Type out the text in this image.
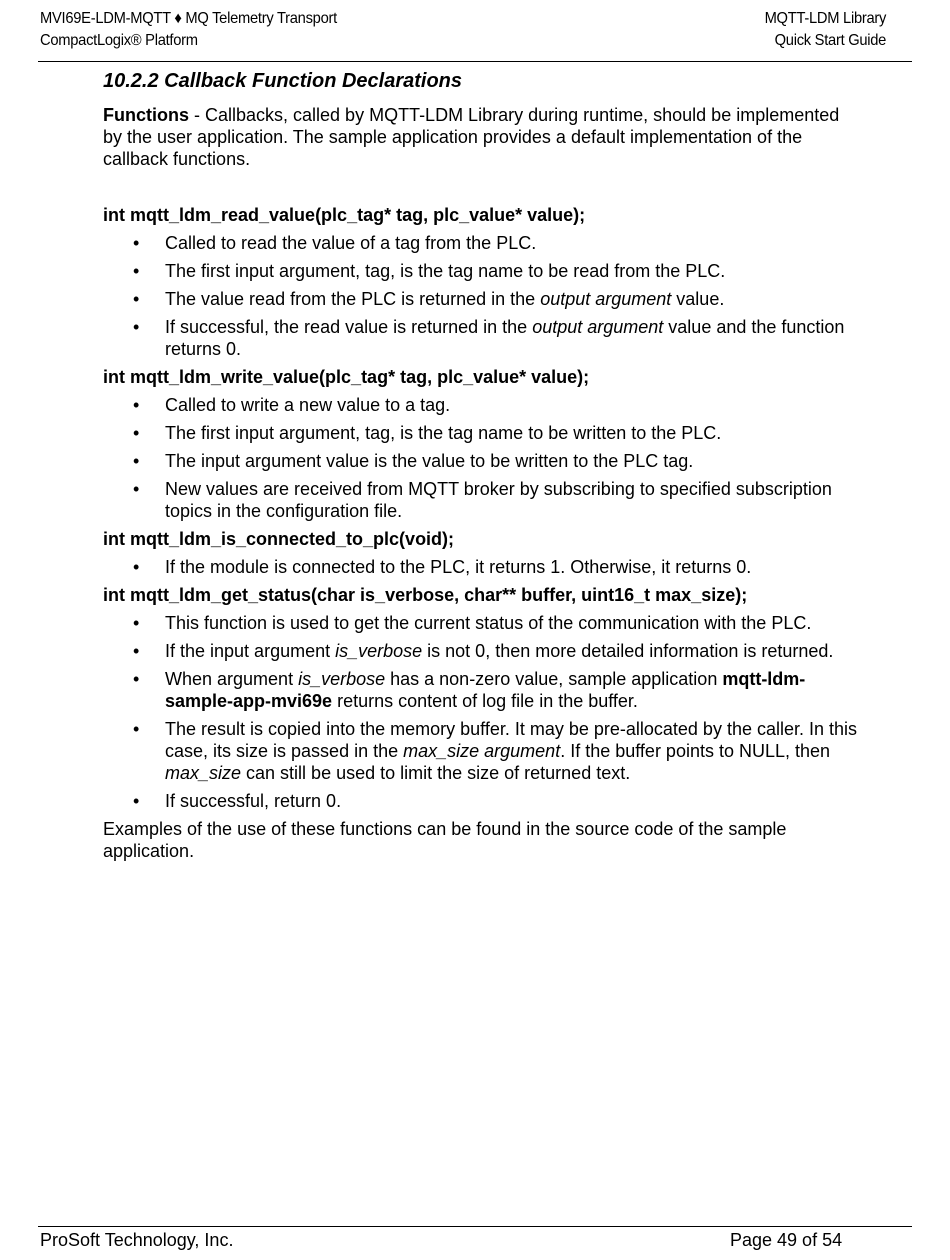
MVI69E-LDM-MQTT ♦ MQ Telemetry Transport
CompactLogix® Platform
MQTT-LDM Library
Quick Start Guide
10.2.2 Callback Function Declarations

Functions - Callbacks, called by MQTT-LDM Library during runtime, should be implemented by the user application. The sample application provides a default implementation of the callback functions.

int mqtt_ldm_read_value(plc_tag* tag, plc_value* value);

• Called to read the value of a tag from the PLC.
• The first input argument, tag, is the tag name to be read from the PLC.
• The value read from the PLC is returned in the output argument value.
• If successful, the read value is returned in the output argument value and the function returns 0.

int mqtt_ldm_write_value(plc_tag* tag, plc_value* value);

• Called to write a new value to a tag.
• The first input argument, tag, is the tag name to be written to the PLC.
• The input argument value is the value to be written to the PLC tag.
• New values are received from MQTT broker by subscribing to specified subscription topics in the configuration file.

int mqtt_ldm_is_connected_to_plc(void);

• If the module is connected to the PLC, it returns 1. Otherwise, it returns 0.

int mqtt_ldm_get_status(char is_verbose, char** buffer, uint16_t max_size);

• This function is used to get the current status of the communication with the PLC.
• If the input argument is_verbose is not 0, then more detailed information is returned.
• When argument is_verbose has a non-zero value, sample application mqtt-ldm-sample-app-mvi69e returns content of log file in the buffer.
• The result is copied into the memory buffer. It may be pre-allocated by the caller. In this case, its size is passed in the max_size argument. If the buffer points to NULL, then max_size can still be used to limit the size of returned text.
• If successful, return 0.

Examples of the use of these functions can be found in the source code of the sample application.

ProSoft Technology, Inc.	Page 49 of 54
